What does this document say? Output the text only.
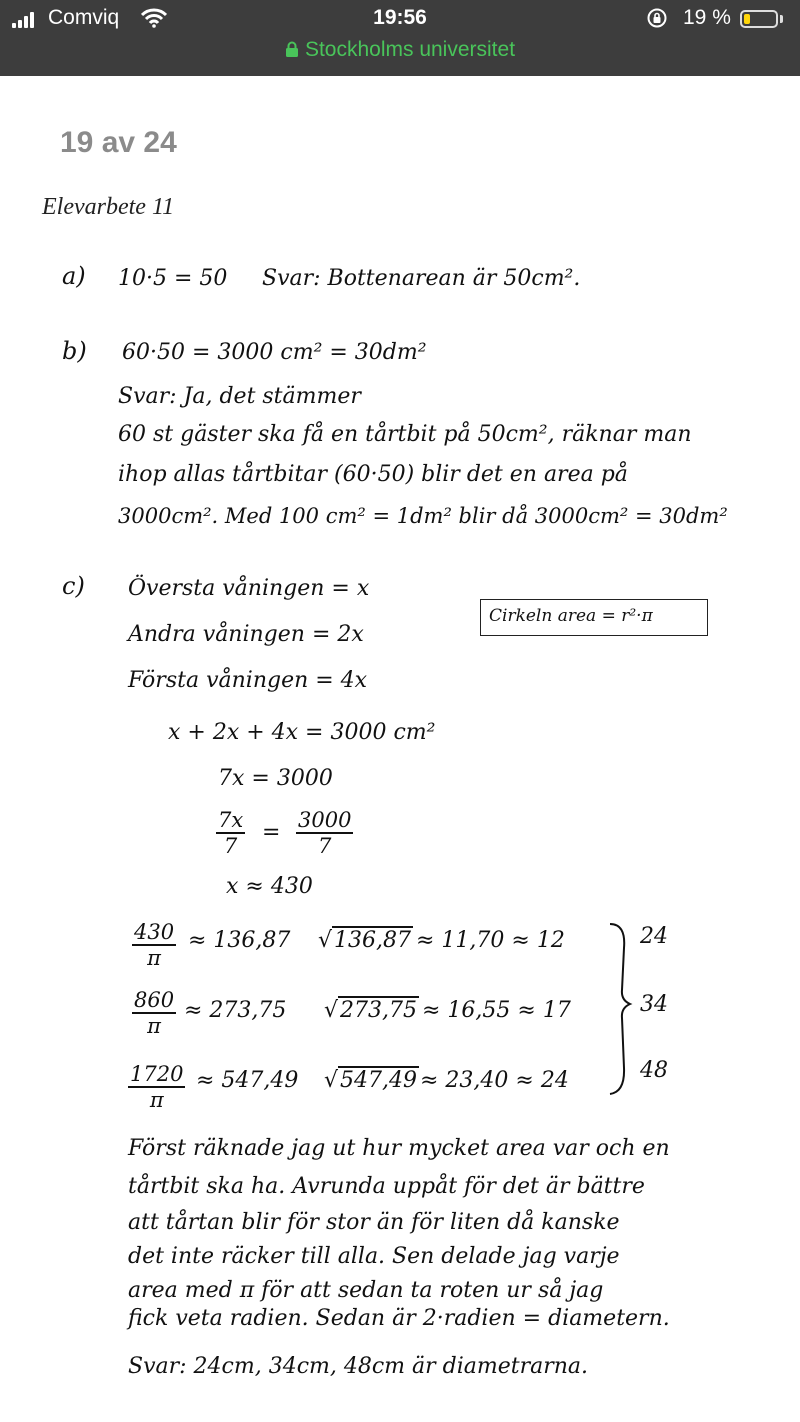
Comviq	19:56	19 %
Stockholms universitet
19 av 24
Elevarbete 11
a) 10·5 = 50 Svar: Bottenarean är 50cm².
b) 60·50 = 3000 cm² = 30dm²
Svar: Ja, det stämmer
60 st gäster ska få en tårtbit på 50cm², räknar man
ihop allas tårtbitar (60·50) blir det en area på
3000cm². Med 100 cm² = 1dm² blir då 3000cm² = 30dm²
c) Översta våningen = x
Andra våningen = 2x
Första våningen = 4x
Cirkeln area = r²·π
x + 2x + 4x = 3000 cm²
7x = 3000
$\frac{7x}{7} = \frac{3000}{7}$
x ≈ 430
$\frac{430}{\pi} \approx 136,87$ √136,87 ≈ 11,70 ≈ 12
$\frac{860}{\pi} \approx 273,75$ √273,75 ≈ 16,55 ≈ 17
$\frac{1720}{\pi} \approx 547,49$ √547,49 ≈ 23,40 ≈ 24
24
34
48
Först räknade jag ut hur mycket area var och en
tårtbit ska ha. Avrunda uppåt för det är bättre
att tårtan blir för stor än för liten då kanske
det inte räcker till alla. Sen delade jag varje
area med π för att sedan ta roten ur så jag
fick veta radien. Sedan är 2·radien = diametern.
Svar: 24cm, 34cm, 48cm är diametrarna.
